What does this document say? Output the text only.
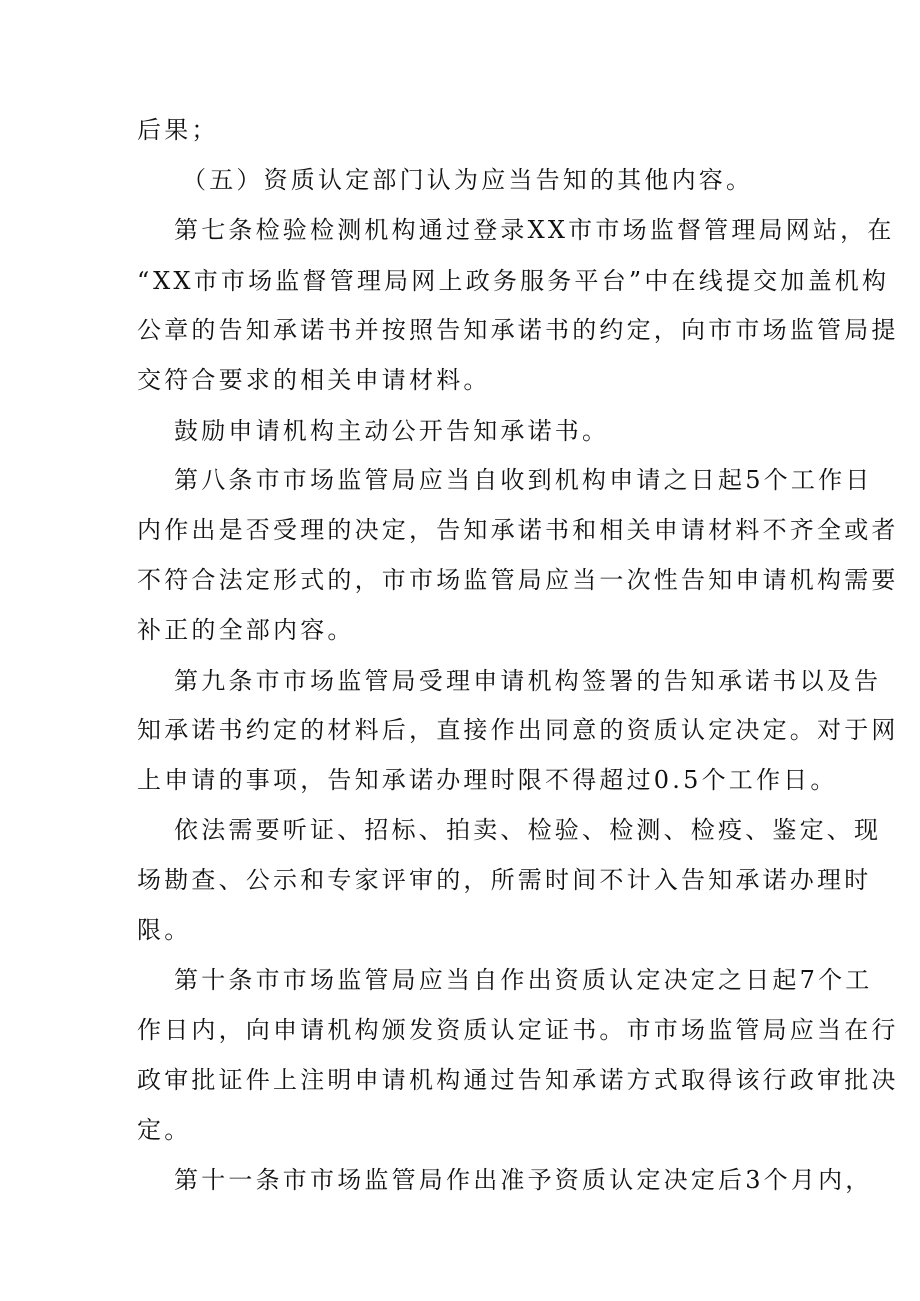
后果；
（五）资质认定部门认为应当告知的其他内容。
第七条检验检测机构通过登录XX市市场监督管理局网站，在
“XX市市场监督管理局网上政务服务平台”中在线提交加盖机构
公章的告知承诺书并按照告知承诺书的约定，向市市场监管局提
交符合要求的相关申请材料。
鼓励申请机构主动公开告知承诺书。
第八条市市场监管局应当自收到机构申请之日起5个工作日
内作出是否受理的决定，告知承诺书和相关申请材料不齐全或者
不符合法定形式的，市市场监管局应当一次性告知申请机构需要
补正的全部内容。
第九条市市场监管局受理申请机构签署的告知承诺书以及告
知承诺书约定的材料后，直接作出同意的资质认定决定。对于网
上申请的事项，告知承诺办理时限不得超过0.5个工作日。
依法需要听证、招标、拍卖、检验、检测、检疫、鉴定、现
场勘查、公示和专家评审的，所需时间不计入告知承诺办理时
限。
第十条市市场监管局应当自作出资质认定决定之日起7个工
作日内，向申请机构颁发资质认定证书。市市场监管局应当在行
政审批证件上注明申请机构通过告知承诺方式取得该行政审批决
定。
第十一条市市场监管局作出准予资质认定决定后3个月内，
